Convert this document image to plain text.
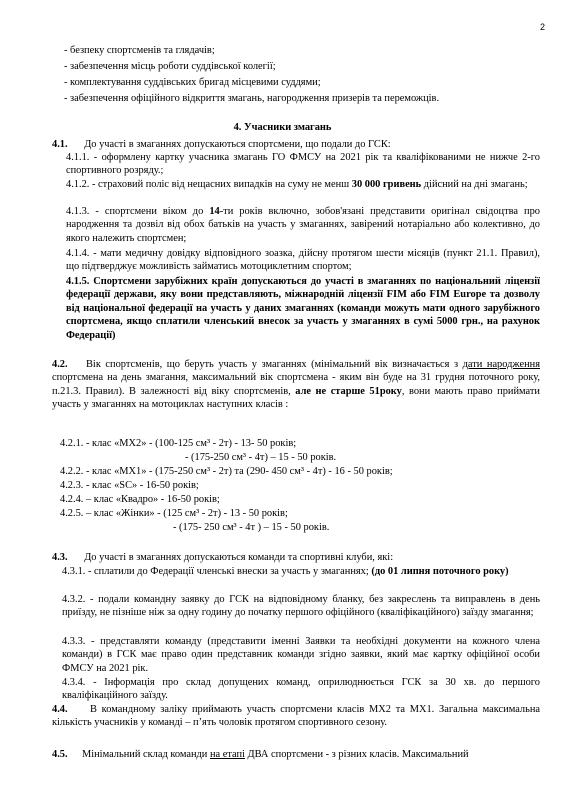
2
- безпеку спортсменів та глядачів;
- забезпечення місць роботи суддівської колегії;
- комплектування суддівських бригад місцевими суддями;
- забезпечення офіційного відкриття змагань, нагородження призерів та переможців.
4. Учасники змагань
4.1. До участі в змаганнях допускаються спортсмени, що подали до ГСК:
4.1.1. - оформлену картку учасника змагань ГО ФМСУ на 2021 рік та кваліфікованими не нижче 2-го спортивного розряду.;
4.1.2. - страховий поліс від нещасних випадків на суму не менш 30 000 гривень дійсний на дні змагань;
4.1.3. - спортсмени віком до 14-ти років включно, зобов'язані представити оригінал свідоцтва про народження та дозвіл від обох батьків на участь у змаганнях, завірений нотаріально або колективно, до якого належить спортсмен;
4.1.4. - мати медичну довідку відповідного зоазка, дійсну протягом шести місяців (пункт 21.1. Правил), що підтверджує можливість займатись мотоциклетним спортом;
4.1.5. Спортсмени зарубіжних країн допускаються до участі в змаганнях по національний ліцензії федерації держави, яку вони представляють, міжнародній ліцензії FIM або FIM Europe та дозволу від національної федерації на участь у даних змаганнях (команди можуть мати одного зарубіжного спортсмена, якщо сплатили членський внесок за участь у змаганнях в сумі 5000 грн., на рахунок Федерації)
4.2. Вік спортсменів, що беруть участь у змаганнях (мінімальний вік визначається з дати народження спортсмена на день змагання, максимальний вік спортсмена - яким він буде на 31 грудня поточного року, п.21.3. Правил). В залежності від віку спортсменів, але не старше 51року, вони мають право приймати участь у змаганнях на мотоциклах наступних класів :
4.2.1. - клас «MX2» - (100-125 см³ - 2т) - 13- 50 років;
- (175-250 см³ - 4т) – 15 - 50 років.
4.2.2. - клас «MX1» - (175-250 см³ - 2т) та (290- 450 см³ - 4т) - 16 - 50 років;
4.2.3. - клас «SC» - 16-50 років;
4.2.4. – клас «Квадро» - 16-50 років;
4.2.5. – клас «Жінки» - (125 см³ - 2т) - 13 - 50 років;
- (175- 250 см³ - 4т ) – 15 - 50 років.
4.3. До участі в змаганнях допускаються команди та спортивні клуби, які:
4.3.1. - сплатили до Федерації членські внески за участь у змаганнях; (до 01 липня поточного року)
4.3.2. - подали командну заявку до ГСК на відповідному бланку, без закреслень та виправлень в день приїзду, не пізніше ніж за одну годину до початку першого офіційного (кваліфікаційного) заїзду змагання;
4.3.3. - представляти команду (представити іменні Заявки та необхідні документи на кожного члена команди) в ГСК має право один представник команди згідно заявки, який має картку офіційної особи ФМСУ на 2021 рік.
4.3.4. - Інформація про склад допущених команд, оприлюднюється ГСК за 30 хв. до першого кваліфікаційного заїзду.
4.4. В командному заліку приймають участь спортсмени класів MX2 та MX1. Загальна максимальна кількість учасників у команді – п’ять чоловік протягом спортивного сезону.
4.5. Мінімальний склад команди на етапі ДВА спортсмени - з різних класів. Максимальний
